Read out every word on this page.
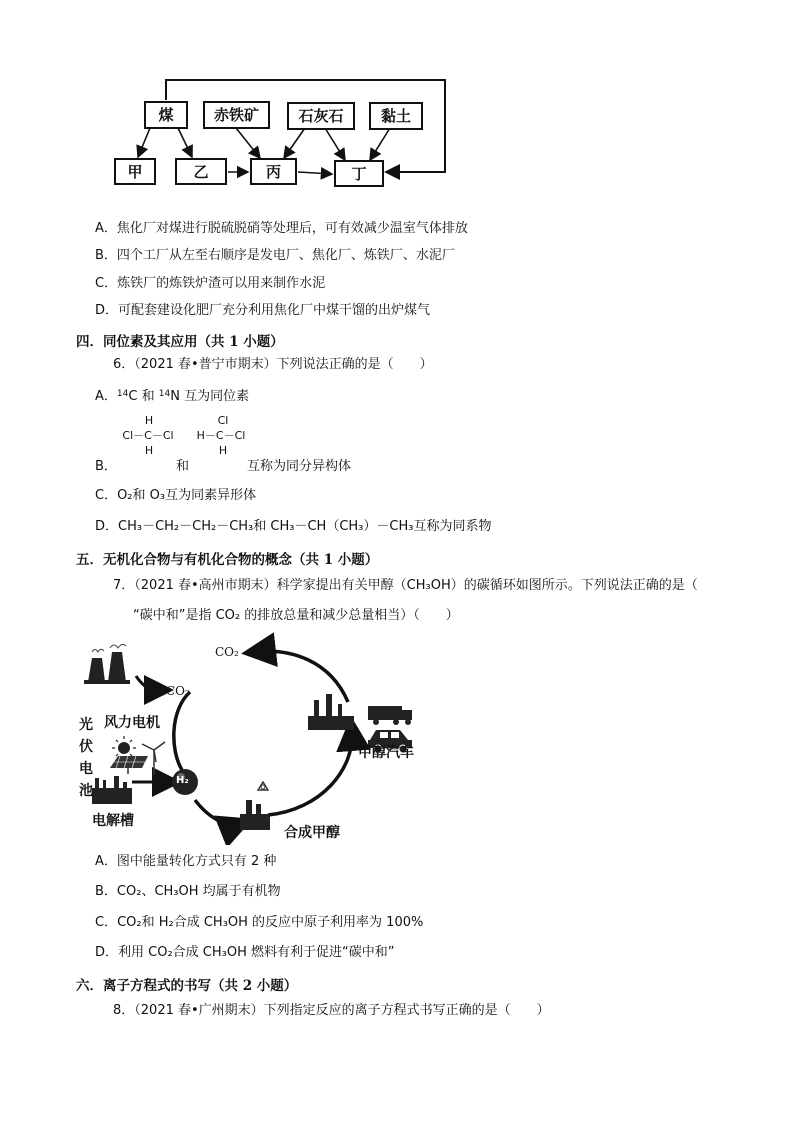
煤	赤铁矿	石灰石	黏土
甲	乙	丙	丁
A．焦化厂对煤进行脱硫脱硝等处理后，可有效减少温室气体排放
B．四个工厂从左至右顺序是发电厂、焦化厂、炼铁厂、水泥厂
C．炼铁厂的炼铁炉渣可以用来制作水泥
D．可配套建设化肥厂充分利用焦化厂中煤干馏的出炉煤气
四．同位素及其应用（共 1 小题）
6．（2021 春•普宁市期末）下列说法正确的是（　　）
A．$^{14}$C 和 $^{14}$N 互为同位素
H
Cl－C－Cl
H
Cl
H－C－Cl
H
B．	和	互称为同分异构体
C．O₂和 O₃互为同素异形体
D．CH₃－CH₂－CH₂－CH₃和 CH₃－CH（CH₃）－CH₃互称为同系物
五．无机化合物与有机化合物的概念（共 1 小题）
7．（2021 春•高州市期末）科学家提出有关甲醇（CH₃OH）的碳循环如图所示。下列说法正确的是（
“碳中和”是指 CO₂ 的排放总量和减少总量相当）（　　）
CO₂
CO₂
风力电机
光
伏
电
池
电解槽
H₂
合成甲醇
甲醇汽车
A．图中能量转化方式只有 2 种
B．CO₂、CH₃OH 均属于有机物
C．CO₂和 H₂合成 CH₃OH 的反应中原子利用率为 100%
D．利用 CO₂合成 CH₃OH 燃料有利于促进“碳中和”
六．离子方程式的书写（共 2 小题）
8．（2021 春•广州期末）下列指定反应的离子方程式书写正确的是（　　）
